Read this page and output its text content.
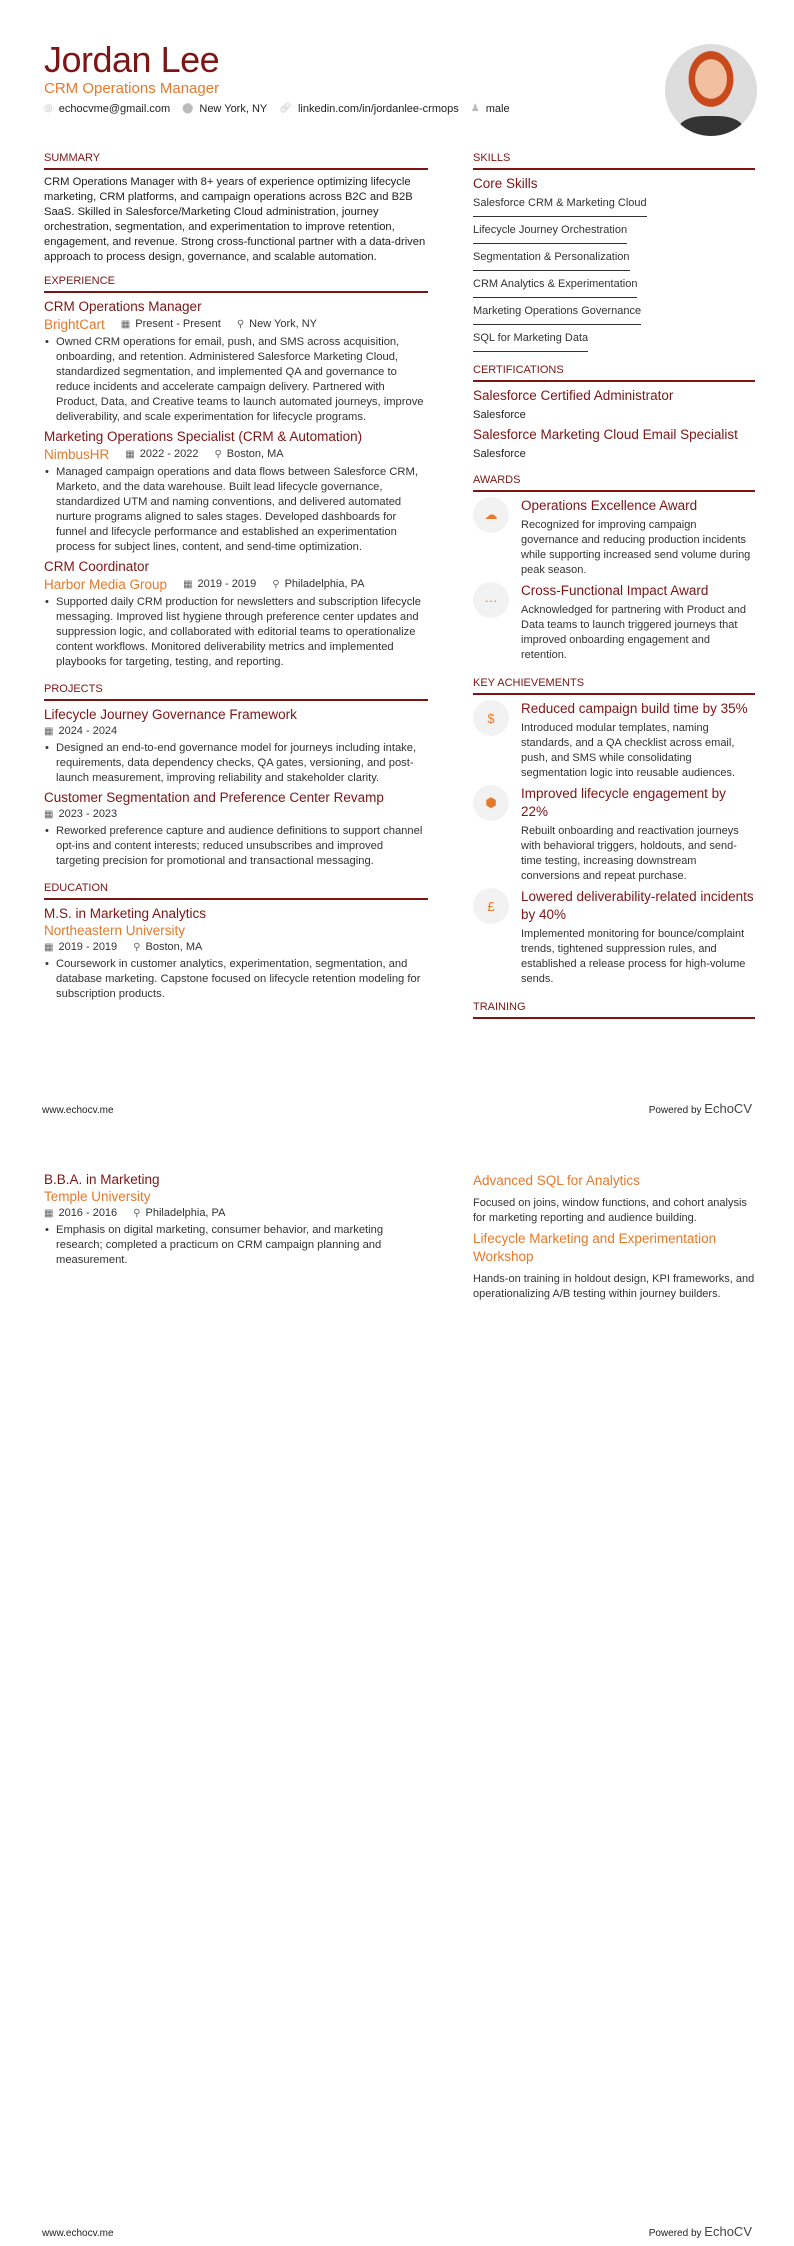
Jordan Lee
CRM Operations Manager
◎ echocvme@gmail.com ⬤ New York, NY 🔗︎ linkedin.com/in/jordanlee-crmops ♟ male
SUMMARY

CRM Operations Manager with 8+ years of experience optimizing lifecycle marketing, CRM platforms, and campaign operations across B2C and B2B SaaS. Skilled in Salesforce/Marketing Cloud administration, journey orchestration, segmentation, and experimentation to improve retention, engagement, and revenue. Strong cross-functional partner with a data-driven approach to process design, governance, and scalable automation.

EXPERIENCE
CRM Operations Manager
BrightCart ▦ Present - Present ⚲ New York, NY
• Owned CRM operations for email, push, and SMS across acquisition, onboarding, and retention. Administered Salesforce Marketing Cloud, standardized segmentation, and implemented QA and governance to reduce incidents and accelerate campaign delivery. Partnered with Product, Data, and Creative teams to launch automated journeys, improve deliverability, and scale experimentation for lifecycle programs.
Marketing Operations Specialist (CRM & Automation)
NimbusHR ▦ 2022 - 2022 ⚲ Boston, MA
• Managed campaign operations and data flows between Salesforce CRM, Marketo, and the data warehouse. Built lead lifecycle governance, standardized UTM and naming conventions, and delivered automated nurture programs aligned to sales stages. Developed dashboards for funnel and lifecycle performance and established an experimentation process for subject lines, content, and send-time optimization.
CRM Coordinator
Harbor Media Group ▦ 2019 - 2019 ⚲ Philadelphia, PA
• Supported daily CRM production for newsletters and subscription lifecycle messaging. Improved list hygiene through preference center updates and suppression logic, and collaborated with editorial teams to operationalize content workflows. Monitored deliverability metrics and implemented playbooks for targeting, testing, and reporting.
PROJECTS
Lifecycle Journey Governance Framework
▦ 2024 - 2024
• Designed an end-to-end governance model for journeys including intake, requirements, data dependency checks, QA gates, versioning, and post-launch measurement, improving reliability and stakeholder clarity.
Customer Segmentation and Preference Center Revamp
▦ 2023 - 2023
• Reworked preference capture and audience definitions to support channel opt-ins and content interests; reduced unsubscribes and improved targeting precision for promotional and transactional messaging.
EDUCATION
M.S. in Marketing Analytics
Northeastern University
▦ 2019 - 2019 ⚲ Boston, MA
• Coursework in customer analytics, experimentation, segmentation, and database marketing. Capstone focused on lifecycle retention modeling for subscription products.
SKILLS
Core Skills
Salesforce CRM & Marketing Cloud
Lifecycle Journey Orchestration
Segmentation & Personalization
CRM Analytics & Experimentation
Marketing Operations Governance
SQL for Marketing Data
CERTIFICATIONS
Salesforce Certified Administrator
Salesforce
Salesforce Marketing Cloud Email Specialist
Salesforce
AWARDS
☁
Operations Excellence Award
Recognized for improving campaign governance and reducing production incidents while supporting increased send volume during peak season.
···
Cross-Functional Impact Award
Acknowledged for partnering with Product and Data teams to launch triggered journeys that improved onboarding engagement and retention.
KEY ACHIEVEMENTS
$
Reduced campaign build time by 35%
Introduced modular templates, naming standards, and a QA checklist across email, push, and SMS while consolidating segmentation logic into reusable audiences.
⬢
Improved lifecycle engagement by 22%
Rebuilt onboarding and reactivation journeys with behavioral triggers, holdouts, and send-time testing, increasing downstream conversions and repeat purchase.
£
Lowered deliverability-related incidents by 40%
Implemented monitoring for bounce/complaint trends, tightened suppression rules, and established a release process for high-volume sends.
TRAINING
www.echocv.me	Powered by EchoCV
B.B.A. in Marketing
Temple University
▦ 2016 - 2016 ⚲ Philadelphia, PA
• Emphasis on digital marketing, consumer behavior, and marketing research; completed a practicum on CRM campaign planning and measurement.
Advanced SQL for Analytics
Focused on joins, window functions, and cohort analysis for marketing reporting and audience building.
Lifecycle Marketing and Experimentation Workshop
Hands-on training in holdout design, KPI frameworks, and operationalizing A/B testing within journey builders.
www.echocv.me	Powered by EchoCV
